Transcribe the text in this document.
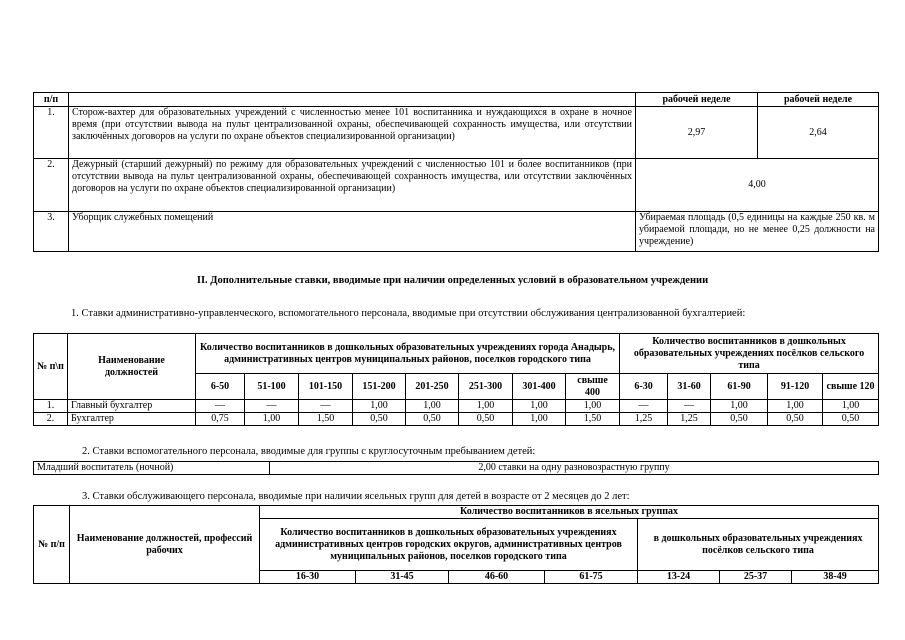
п/п		рабочей неделе	рабочей неделе
1.	Сторож-вахтер для образовательных учреждений с численностью менее 101 воспитанника и нуждающихся в охране в ночное время (при отсутствии вывода на пульт централизованной охраны, обеспечивающей сохранность имущества, или отсутствии заключённых договоров на услуги по охране объектов специализированной организации)	2,97	2,64
2.	Дежурный (старший дежурный) по режиму для образовательных учреждений с численностью 101 и более воспитанников (при отсутствии вывода на пульт централизованной охраны, обеспечивающей сохранность имущества, или отсутствии заключённых договоров на услуги по охране объектов специализированной организации)	4,00	
3.	Уборщик служебных помещений	Убираемая площадь (0,5 единицы на каждые 250 кв. м убираемой площади, но не менее 0,25 должности на учреждение)	
II. Дополнительные ставки, вводимые при наличии определенных условий в образовательном учреждении
1. Ставки административно-управленческого, вспомогательного персонала, вводимые при отсутствии обслуживания централизованной бухгалтерией:
№ п\п	Наименование должностей	Количество воспитанников в дошкольных образовательных учреждениях города Анадырь, административных центров муниципальных районов, поселков городского типа								Количество воспитанников в дошкольных образовательных учреждениях посёлков сельского типа				
		6-50	51-100	101-150	151-200	201-250	251-300	301-400	свыше 400	6-30	31-60	61-90	91-120	свыше 120
1.	Главный бухгалтер	—	—	—	1,00	1,00	1,00	1,00	1,00	—	—	1,00	1,00	1,00
2.	Бухгалтер	0,75	1,00	1,50	0,50	0,50	0,50	1,00	1,50	1,25	1,25	0,50	0,50	0,50
2. Ставки вспомогательного персонала, вводимые для группы с круглосуточным пребыванием детей:
Младший воспитатель (ночной)	2,00 ставки на одну разновозрастную группу
3. Ставки обслуживающего персонала, вводимые при наличии ясельных групп для детей в возрасте от 2 месяцев до 2 лет:
№ п/п	Наименование должностей, профессий рабочих	Количество воспитанников в ясельных группах						
		Количество воспитанников в дошкольных образовательных учреждениях административных центров городских округов, административных центров муниципальных районов, поселков городского типа				в дошкольных образовательных учреждениях посёлков сельского типа		
		16-30	31-45	46-60	61-75	13-24	25-37	38-49
